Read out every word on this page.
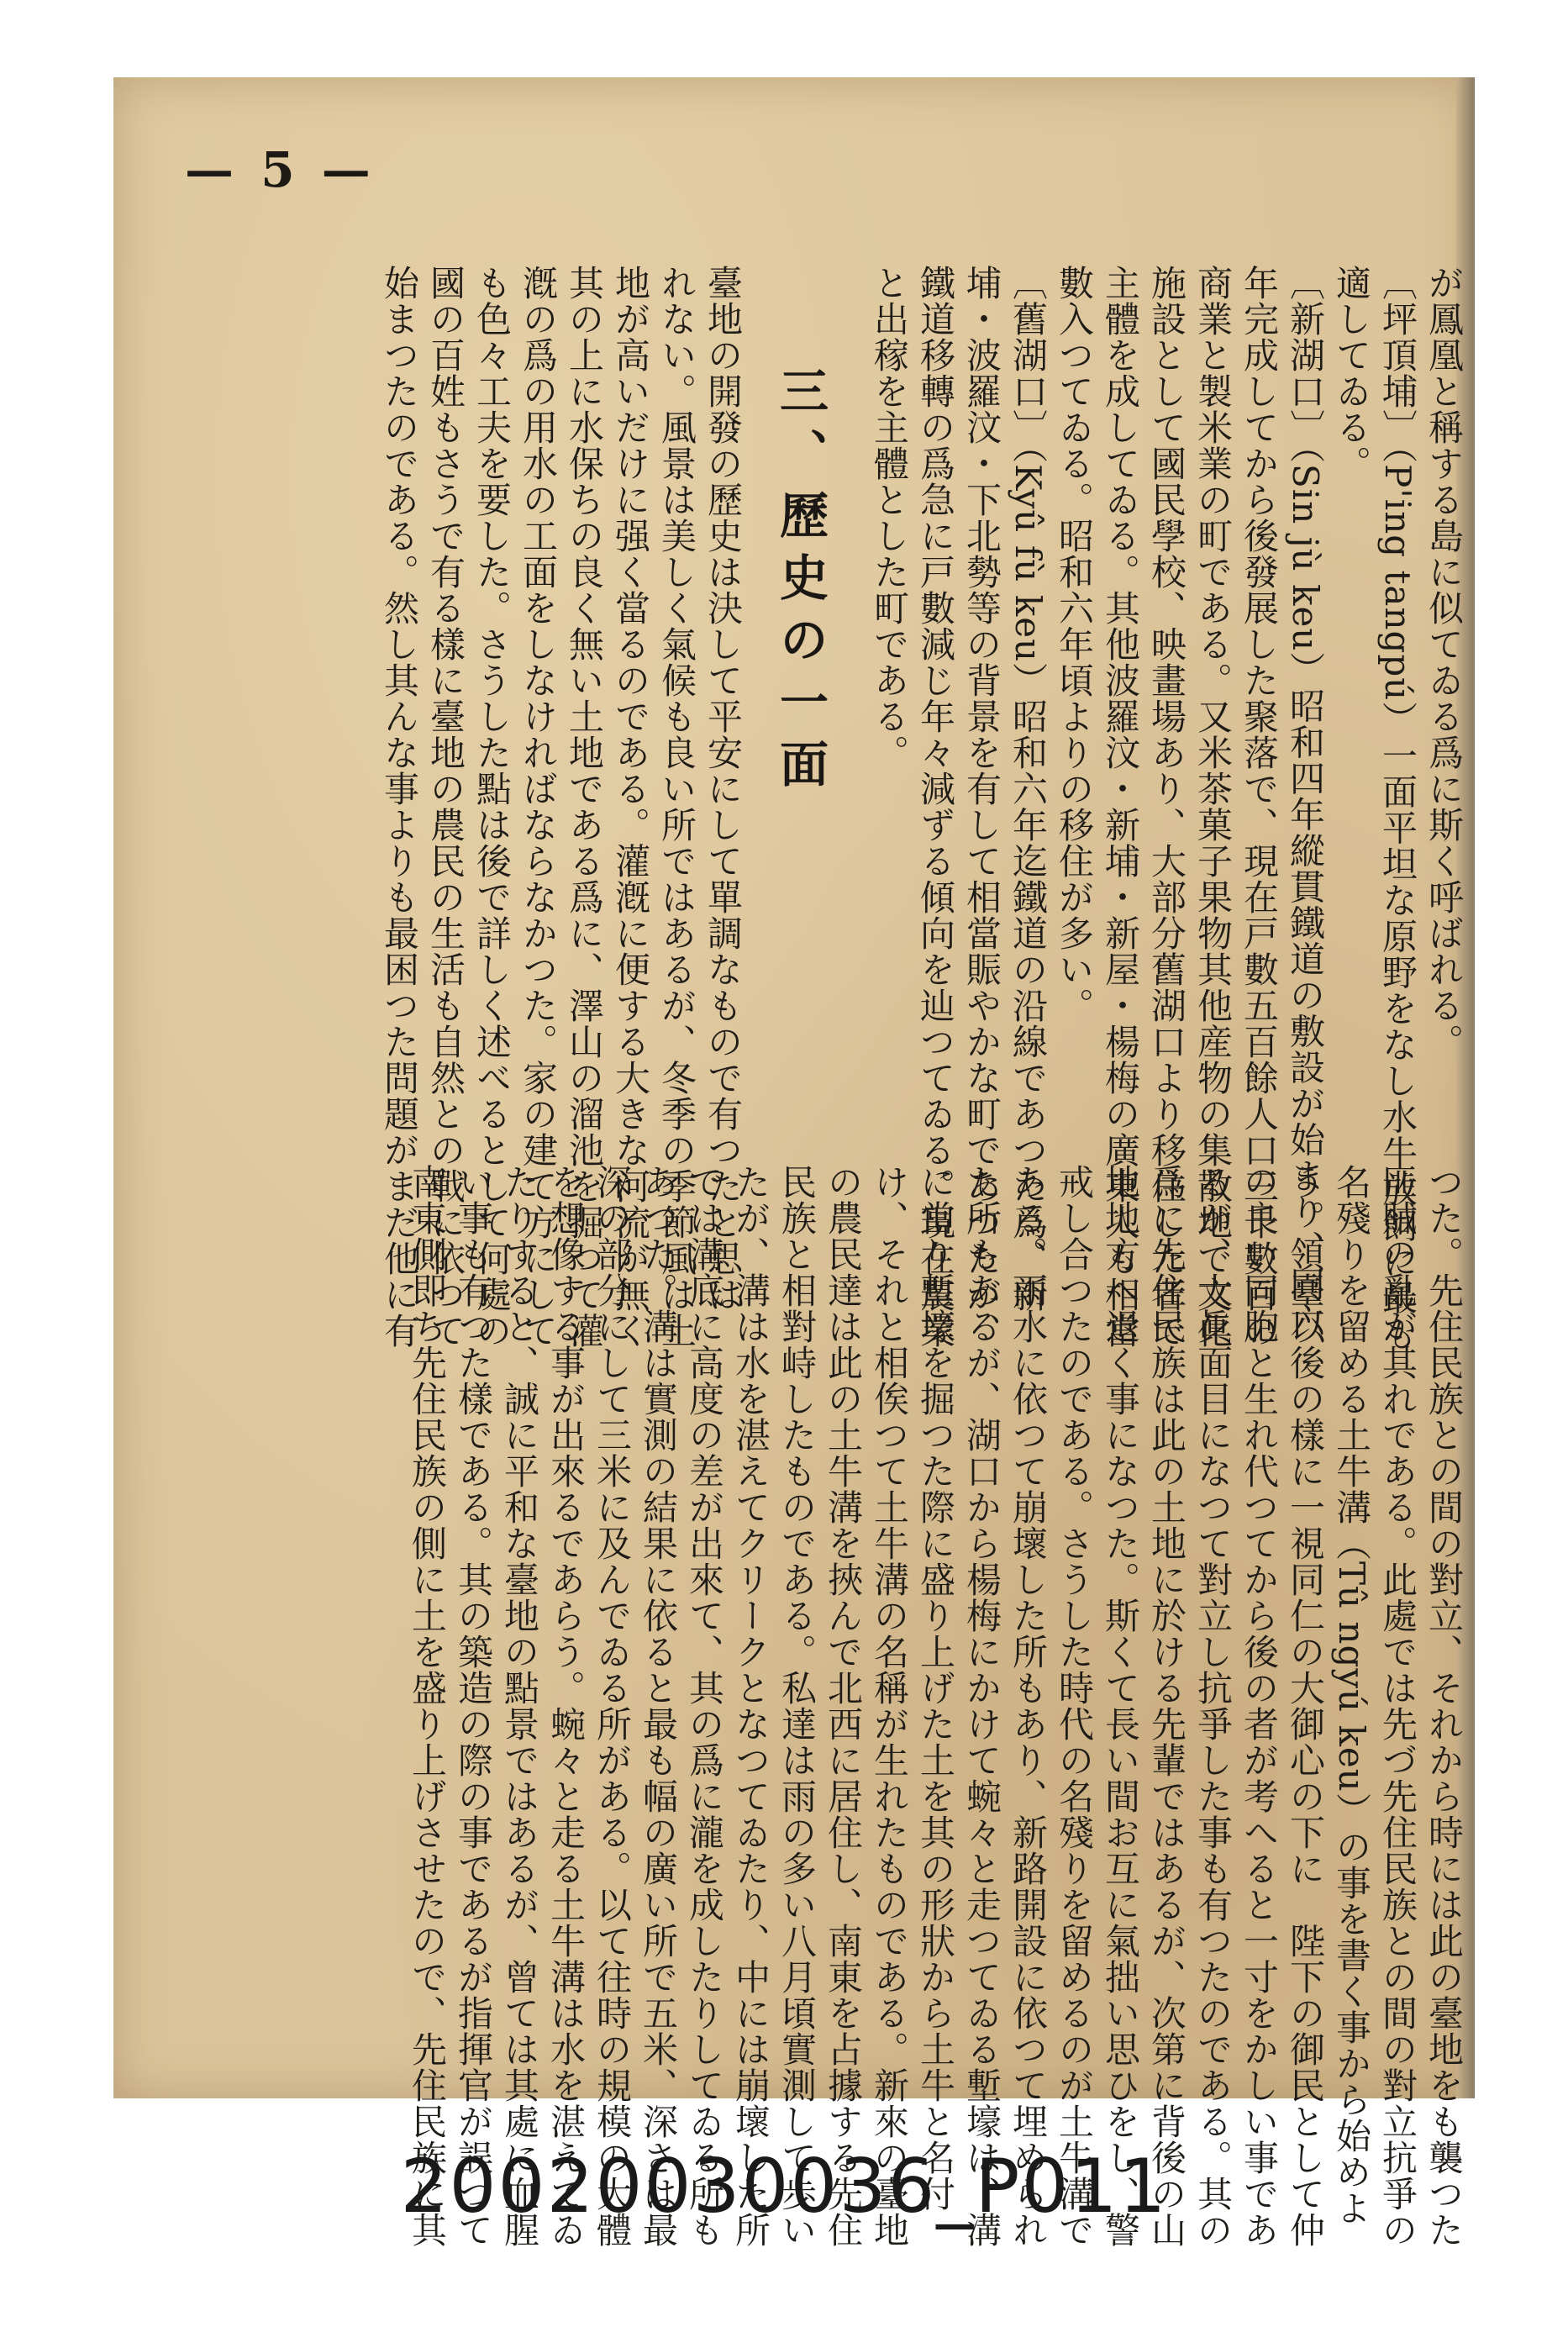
— 5 —
が鳳凰と稱する島に似てゐる爲に斯く呼ばれる。
〔坪頂埔〕（P'ing tangpú）一面平坦な原野をなし水牛放飼に最も
適してゐる。
〔新湖口〕（Sin jù keu）昭和四年縱貫鐵道の敷設が始まり、同六
年完成してから後發展した聚落で、現在戸數五百餘人口三千數百の
商業と製米業の町である。又米茶菓子果物其他産物の集散地で文化
施設として國民學校、映畫場あり、大部分舊湖口より移住した者で
主體を成してゐる。其他波羅汶・新埔・新屋・楊梅の廣東人も相當
數入つてゐる。昭和六年頃よりの移住が多い。
〔舊湖口〕（Kyû fù keu）昭和六年迄鐵道の沿線であつた爲、新
埔・波羅汶・下北勢等の背景を有して相當賑やかな町であつたが、
鐵道移轉の爲急に戸數減じ年々減ずる傾向を辿つてゐる。現在農業
と出稼を主體とした町である。
三、歷史の一面
臺地の開發の歷史は決して平安にして單調なもので有つたと思は
れない。風景は美しく氣候も良い所ではあるが、冬季の季節風は土
地が高いだけに强く當るのである。灌漑に便する大きな河流が無く
其の上に水保ちの良く無い土地である爲に、澤山の溜池を掘つて灌
漑の爲の用水の工面をしなければならなかつた。家の建て方にして
も色々工夫を要した。さうした點は後で詳しく述べるとして何處の
國の百姓もさうで有る樣に臺地の農民の生活も自然との戰に依つて
始まつたのである。然し其んな事よりも最困つた問題がまだ他に有
つた。先住民族との間の對立、それから時には此の臺地をも襲つた
匪賊の亂が其れである。此處では先づ先住民族との間の對立抗爭の
名殘りを留める土牛溝（Tû ngyú keu）の事を書く事から始めよ
う。領臺以後の樣に一視同仁の大御心の下に　陛下の御民として仲
の良い同胞と生れ代つてから後の者が考へると一寸をかしい事であ
るが、大眞面目になつて對立し抗爭した事も有つたのである。其の
爲に先住民族は此の土地に於ける先輩ではあるが、次第に背後の山
地地方へ退く事になつた。斯くて長い間お互に氣拙い思ひをし、警
戒し合つたのである。さうした時代の名殘りを留めるのが土牛溝で
ある。雨水に依つて崩壞した所もあり、新路開設に依つて埋められ
た所もあるが、湖口から楊梅にかけて蜿々と走つてゐる塹壕は、溝
に當り塹壕を掘つた際に盛り上げた土を其の形狀から土牛と名付
け、それと相俟つて土牛溝の名稱が生れたものである。新來の臺地
の農民達は此の土牛溝を挾んで北西に居住し、南東を占據する先住
民族と相對峙したものである。私達は雨の多い八月頃實測して歩い
たが、溝は水を湛えてクリークとなつてゐたり、中には崩壞した所
では溝底に高度の差が出來て、其の爲に瀧を成したりしてゐる所も
あつた。溝は實測の結果に依ると最も幅の廣い所で五米、深さは最
深の部分にして三米に及んでゐる所がある。以て往時の規模の大體
を想像する事が出來るであらう。蜿々と走る土牛溝は水を湛えてゐ
たりすると、誠に平和な臺地の點景ではあるが、曾ては其處に血腥
い事も有つた樣である。其の築造の際の事であるが指揮官が誤つて
南東側即ち先住民族の側に土を盛り上げさせたので、先住民族に其
20020030036_P011
